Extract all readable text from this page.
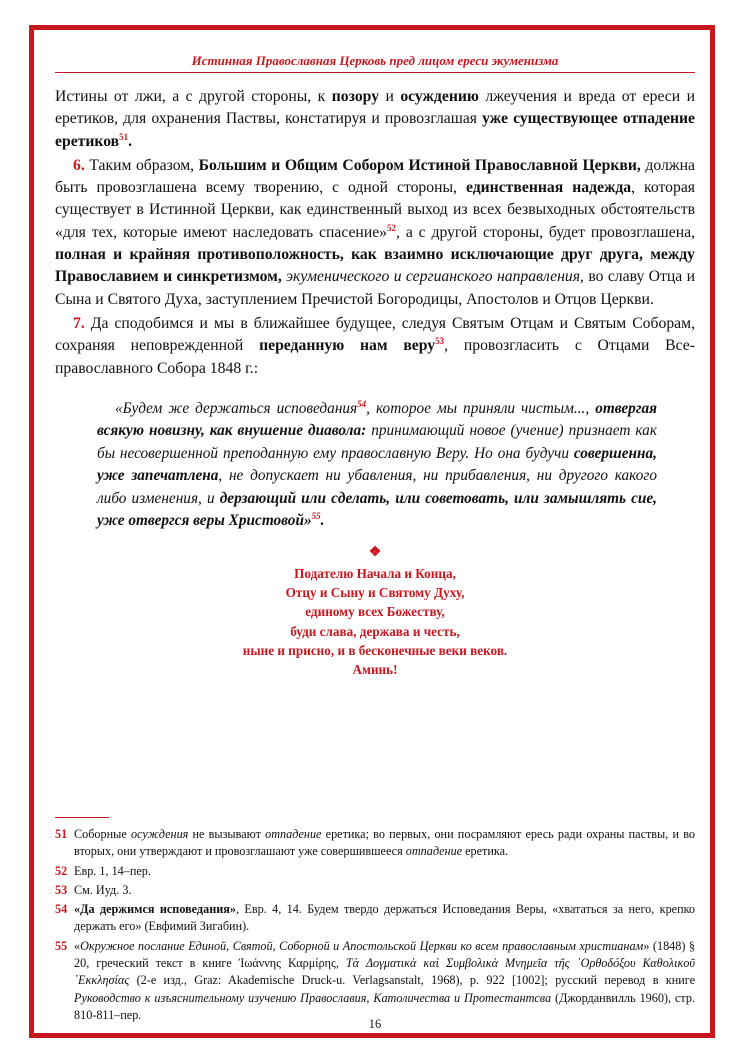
Истинная Православная Церковь пред лицом ереси экуменизма

Истины от лжи, а с другой стороны, к позору и осуждению лжеучения и вреда от ереси и еретиков, для охранения Паствы, констатируя и провозглашая уже существующее отпадение еретиков$^{51}$.

6. Таким образом, Большим и Общим Собором Истиной Православной Церкви, должна быть провозглашена всему творению, с одной стороны, единственная надежда, которая существует в Истинной Церкви, как единственный выход из всех безвыходных обстоятельств «для тех, которые имеют наследовать спасение»$^{52}$, а с другой стороны, будет провозглашена, полная и крайняя противоположность, как взаимно исключающие друг друга, между Православием и синкретизмом, экуменического и сергианского направления, во славу Отца и Сына и Святого Духа, заступлением Пречистой Богородицы, Апостолов и Отцов Церкви.

7. Да сподобимся и мы в ближайшее будущее, следуя Святым Отцам и Святым Соборам, сохраняя неповрежденной переданную нам веру$^{53}$, провозгласить с Отцами Все-православного Собора 1848 г.:

«Будем же держаться исповедания$^{54}$, которое мы приняли чистым..., отвергая всякую новизну, как внушение диавола: принимающий новое (учение) признает как бы несовершенной преподанную ему православную Веру. Но она будучи совершенна, уже запечатлена, не допускает ни убавления, ни прибавления, ни другого какого либо изменения, и дерзающий или сделать, или советовать, или замышлять сие, уже отвергся веры Христовой»$^{55}$.

❖
Подателю Начала и Конца,
Отцу и Сыну и Святому Духу,
единому всех Божеству,
буди слава, держава и честь,
ныне и присно, и в бесконечные веки веков.
Аминь!
51 Соборные осуждения не вызывают отпадение еретика; во первых, они посрамляют ересь ради охраны паствы, и во вторых, они утверждают и провозглашают уже совершившееся отпадение еретика.
52 Евр. 1, 14–пер.
53 См. Иуд. 3.
54 «Да держимся исповедания», Евр. 4, 14. Будем твердо держаться Исповедания Веры, «хвататься за него, крепко держать его» (Евфимий Зигабин).
55 «Окружное послание Единой, Святой, Соборной и Апостольской Церкви ко всем православным христианам» (1848) § 20, греческий текст в книге Ἰωάννης Καρμίρης, Τὰ Δογματικὰ καὶ Συμβολικὰ Μνημεῖα τῆς ᾿Ορθοδόξου Καθολικοῦ ᾿Εκκλησίας (2-е изд., Graz: Akademische Druck-u. Verlagsanstalt, 1968), p. 922 [1002]; русский перевод в книге Руководство к изъяснительному изучению Православия, Католичества и Протестантсва (Джорданвилль 1960), стр. 810-811–пер.
16
